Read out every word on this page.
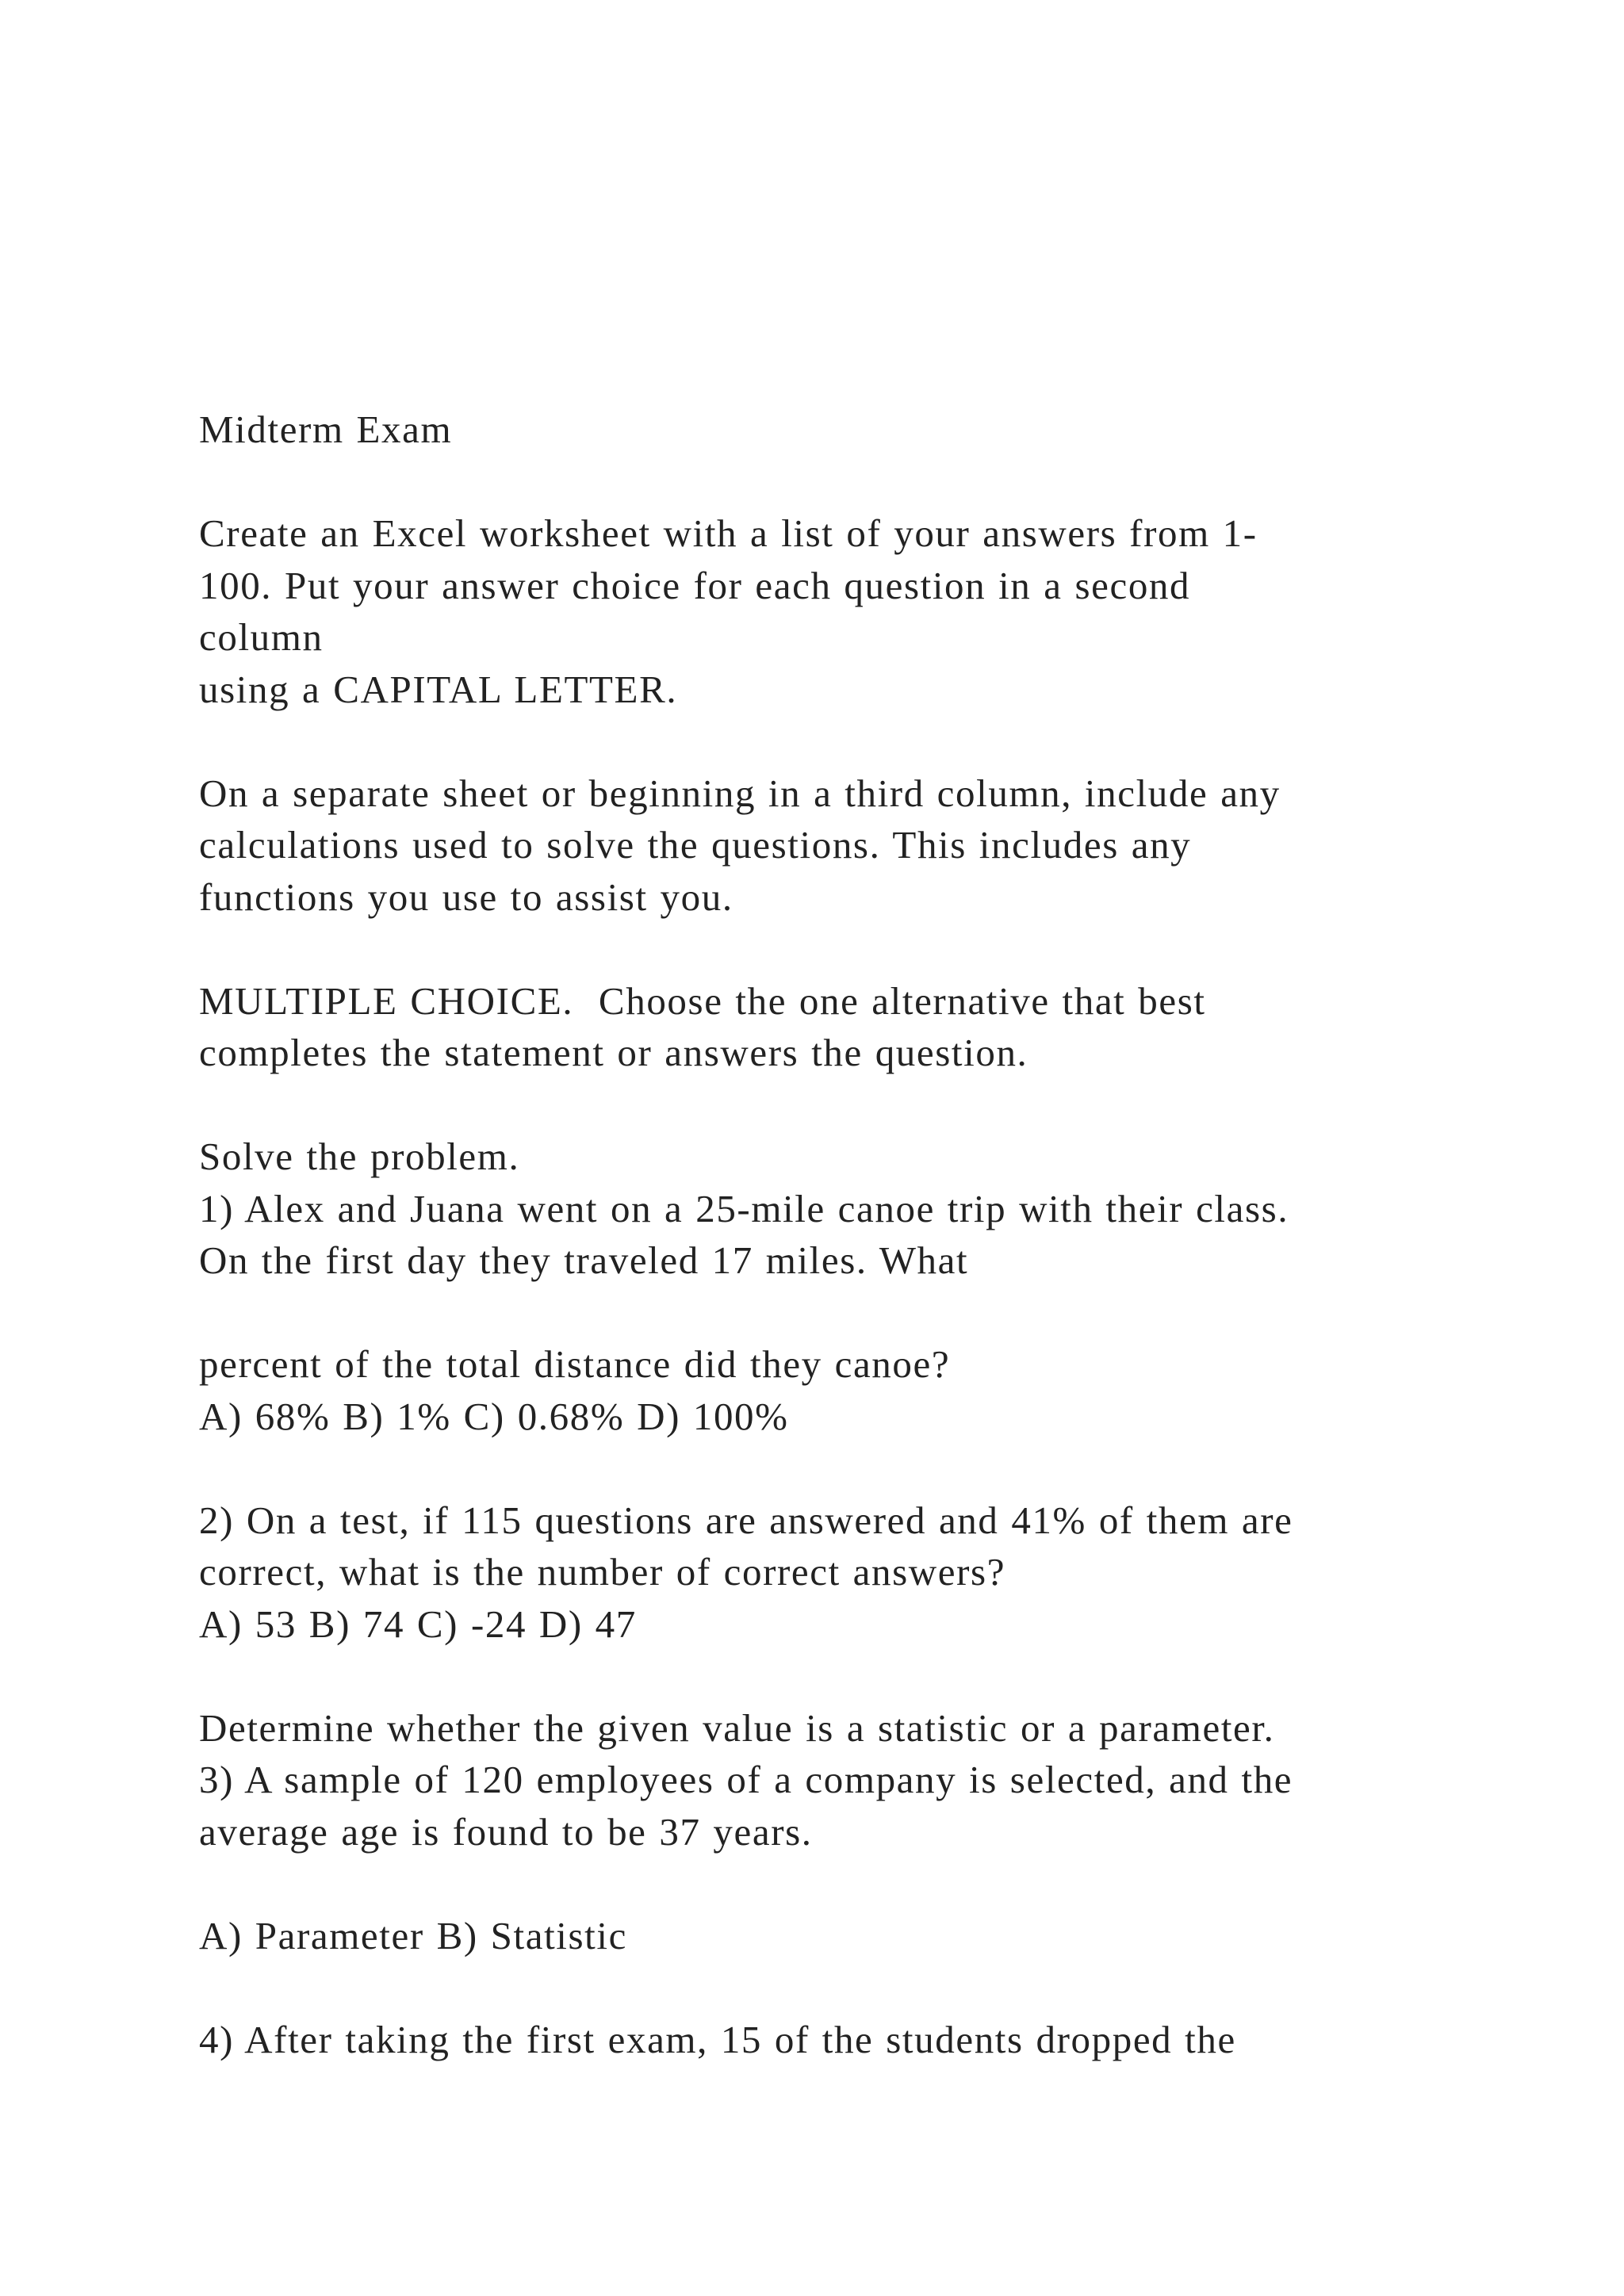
Midterm Exam
Create an Excel worksheet with a list of your answers from 1-
100. Put your answer choice for each question in a second
column
using a CAPITAL LETTER.
On a separate sheet or beginning in a third column, include any
calculations used to solve the questions. This includes any
functions you use to assist you.
MULTIPLE CHOICE.  Choose the one alternative that best
completes the statement or answers the question.
Solve the problem.
1) Alex and Juana went on a 25-mile canoe trip with their class.
On the first day they traveled 17 miles. What
percent of the total distance did they canoe?
A) 68% B) 1% C) 0.68% D) 100%
2) On a test, if 115 questions are answered and 41% of them are
correct, what is the number of correct answers?
A) 53 B) 74 C) -24 D) 47
Determine whether the given value is a statistic or a parameter.
3) A sample of 120 employees of a company is selected, and the
average age is found to be 37 years.
A) Parameter B) Statistic
4) After taking the first exam, 15 of the students dropped the
